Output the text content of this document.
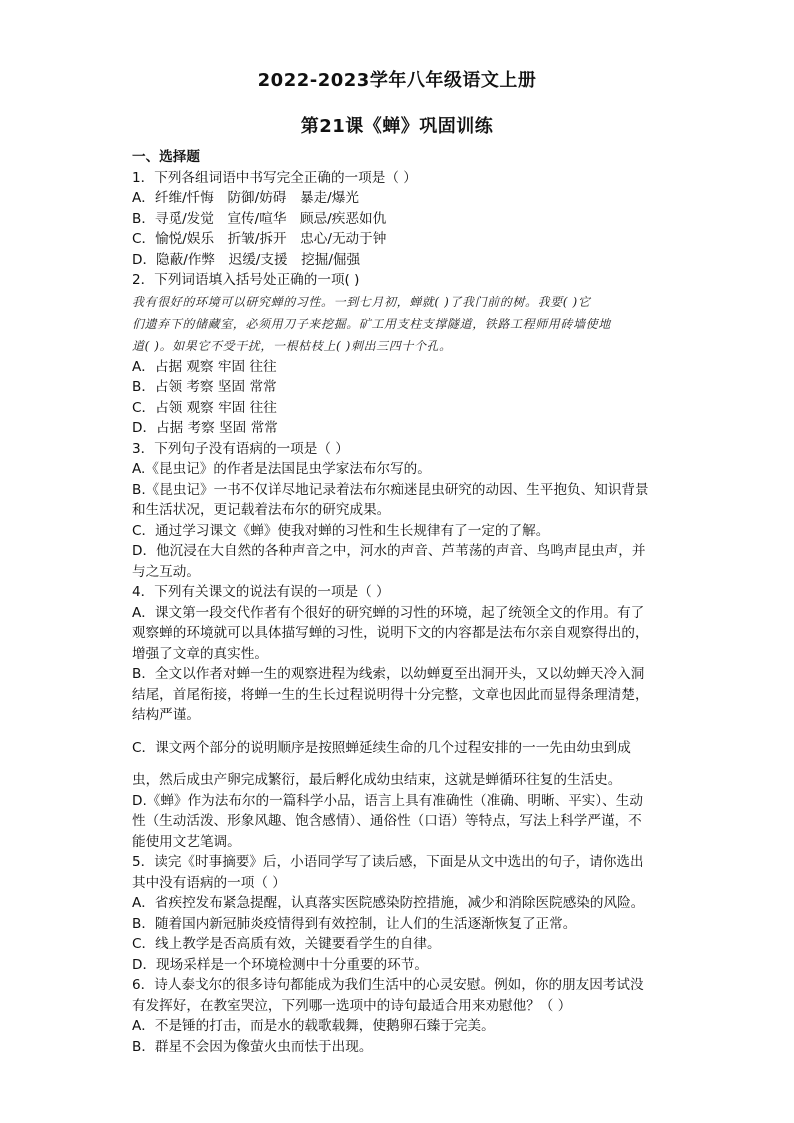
2022-2023学年八年级语文上册
第21课《蝉》巩固训练

一、选择题

1．下列各组词语中书写完全正确的一项是（ ）

A．纤维/忏悔　防御/妨碍　暴走/爆光

B．寻觅/发觉　宣传/喧华　顾忌/疾恶如仇

C．愉悦/娱乐　折皱/拆开　忠心/无动于钟

D．隐蔽/作弊　迟缓/支援　挖掘/倔强

2．下列词语填入括号处正确的一项( )

我有很好的环境可以研究蝉的习性。一到七月初，蝉就( )了我门前的树。我要( )它

们遗弃下的储藏室，必须用刀子来挖掘。矿工用支柱支撑隧道，铁路工程师用砖墙使地

道( )。如果它不受干扰，一根枯枝上( )刺出三四十个孔。

A．占据 观察 牢固 往往

B．占领 考察 坚固 常常

C．占领 观察 牢固 往往

D．占据 考察 坚固 常常

3．下列句子没有语病的一项是（ ）

A.《昆虫记》的作者是法国昆虫学家法布尔写的。

B.《昆虫记》一书不仅详尽地记录着法布尔痴迷昆虫研究的动因、生平抱负、知识背景

和生活状况，更记载着法布尔的研究成果。

C．通过学习课文《蝉》使我对蝉的习性和生长规律有了一定的了解。

D．他沉浸在大自然的各种声音之中，河水的声音、芦苇荡的声音、鸟鸣声昆虫声，并

与之互动。

4．下列有关课文的说法有误的一项是（ ）

A．课文第一段交代作者有个很好的研究蝉的习性的环境，起了统领全文的作用。有了

观察蝉的环境就可以具体描写蝉的习性，说明下文的内容都是法布尔亲自观察得出的，

增强了文章的真实性。

B．全文以作者对蝉一生的观察进程为线索，以幼蝉夏至出洞开头，又以幼蝉天冷入洞

结尾，首尾衔接，将蝉一生的生长过程说明得十分完整，文章也因此而显得条理清楚，

结构严谨。

C．课文两个部分的说明顺序是按照蝉延续生命的几个过程安排的一一先由幼虫到成

虫，然后成虫产卵完成繁衍，最后孵化成幼虫结束，这就是蝉循环往复的生活史。

D.《蝉》作为法布尔的一篇科学小品，语言上具有准确性（准确、明晰、平实）、生动

性（生动活泼、形象风趣、饱含感情）、通俗性（口语）等特点，写法上科学严谨，不

能使用文艺笔调。

5．读完《时事摘要》后，小语同学写了读后感，下面是从文中选出的句子，请你选出

其中没有语病的一项（ ）

A．省疾控发布紧急提醒，认真落实医院感染防控措施，减少和消除医院感染的风险。

B．随着国内新冠肺炎疫情得到有效控制，让人们的生活逐渐恢复了正常。

C．线上教学是否高质有效，关键要看学生的自律。

D．现场采样是一个环境检测中十分重要的环节。

6．诗人泰戈尔的很多诗句都能成为我们生活中的心灵安慰。例如，你的朋友因考试没

有发挥好，在教室哭泣，下列哪一选项中的诗句最适合用来劝慰他？（ ）

A．不是锤的打击，而是水的载歌载舞，使鹅卵石臻于完美。

B．群星不会因为像萤火虫而怯于出现。
